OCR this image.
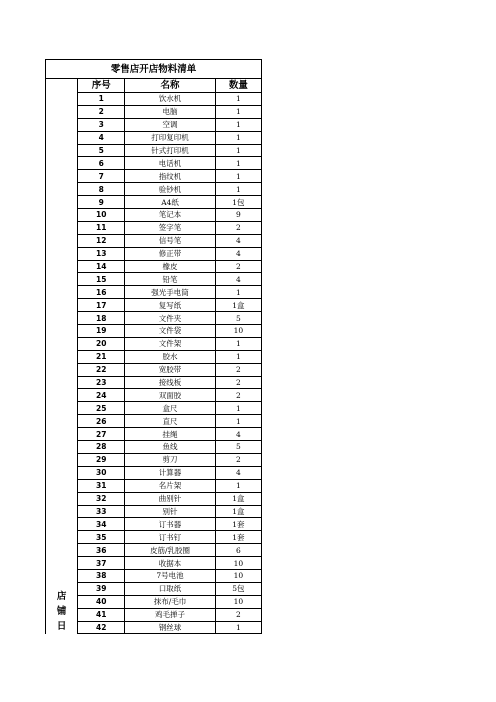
零售店开店物料清单			

店
铺
日	序号	名称	数量
	1	饮水机	1
	2	电脑	1
	3	空调	1
	4	打印复印机	1
	5	针式打印机	1
	6	电话机	1
	7	指纹机	1
	8	验钞机	1
	9	A4纸	1包
	10	笔记本	9
	11	签字笔	2
	12	信号笔	4
	13	修正带	4
	14	橡皮	2
	15	铅笔	4
	16	强光手电筒	1
	17	复写纸	1盒
	18	文件夹	5
	19	文件袋	10
	20	文件架	1
	21	胶水	1
	22	宽胶带	2
	23	接线板	2
	24	双面胶	2
	25	盒尺	1
	26	直尺	1
	27	挂绳	4
	28	鱼线	5
	29	剪刀	2
	30	计算器	4
	31	名片架	1
	32	曲别针	1盒
	33	别针	1盒
	34	订书器	1套
	35	订书钉	1套
	36	皮筋/乳胶圈	6
	37	收据本	10
	38	7号电池	10
	39	口取纸	5包
	40	抹布/毛巾	10
	41	鸡毛掸子	2
	42	钢丝球	1
